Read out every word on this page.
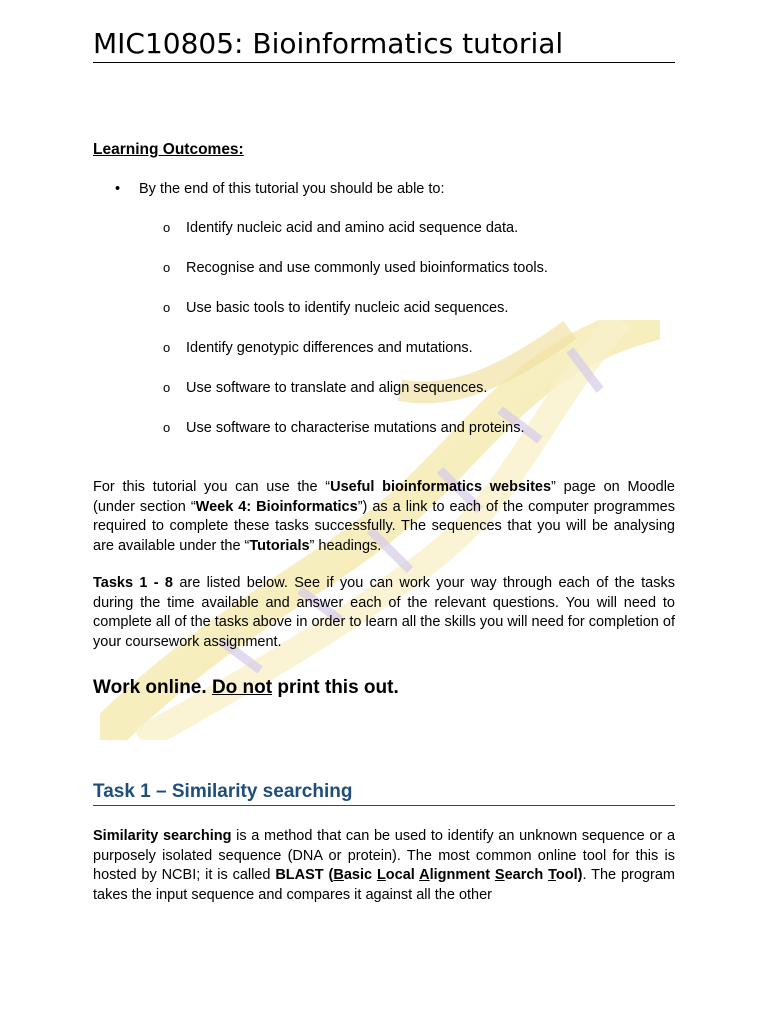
MIC10805: Bioinformatics tutorial
Learning Outcomes:
• By the end of this tutorial you should be able to:
o Identify nucleic acid and amino acid sequence data.
o Recognise and use commonly used bioinformatics tools.
o Use basic tools to identify nucleic acid sequences.
o Identify genotypic differences and mutations.
o Use software to translate and align sequences.
o Use software to characterise mutations and proteins.

For this tutorial you can use the “Useful bioinformatics websites” page on Moodle (under section “Week 4: Bioinformatics”) as a link to each of the computer programmes required to complete these tasks successfully. The sequences that you will be analysing are available under the “Tutorials” headings.

Tasks 1 - 8 are listed below. See if you can work your way through each of the tasks during the time available and answer each of the relevant questions. You will need to complete all of the tasks above in order to learn all the skills you will need for completion of your coursework assignment.

Work online. Do not print this out.

Task 1 – Similarity searching

Similarity searching is a method that can be used to identify an unknown sequence or a purposely isolated sequence (DNA or protein). The most common online tool for this is hosted by NCBI; it is called BLAST (Basic Local Alignment Search Tool). The program takes the input sequence and compares it against all the other
